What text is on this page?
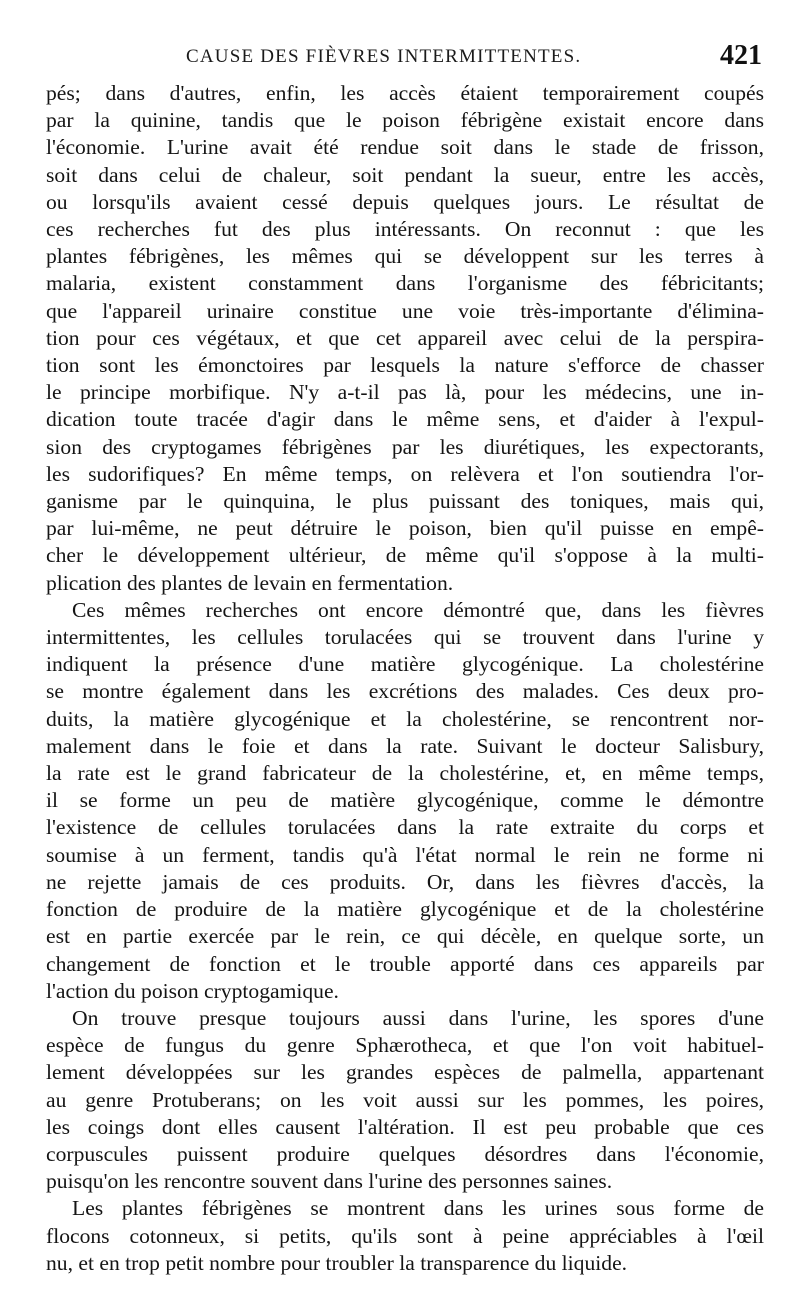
CAUSE DES FIÈVRES INTERMITTENTES.	421
pés; dans d'autres, enfin, les accès étaient temporairement coupés
par la quinine, tandis que le poison fébrigène existait encore dans
l'économie. L'urine avait été rendue soit dans le stade de frisson,
soit dans celui de chaleur, soit pendant la sueur, entre les accès,
ou lorsqu'ils avaient cessé depuis quelques jours. Le résultat de
ces recherches fut des plus intéressants. On reconnut : que les
plantes fébrigènes, les mêmes qui se développent sur les terres à
malaria, existent constamment dans l'organisme des fébricitants;
que l'appareil urinaire constitue une voie très-importante d'élimina-
tion pour ces végétaux, et que cet appareil avec celui de la perspira-
tion sont les émonctoires par lesquels la nature s'efforce de chasser
le principe morbifique. N'y a-t-il pas là, pour les médecins, une in-
dication toute tracée d'agir dans le même sens, et d'aider à l'expul-
sion des cryptogames fébrigènes par les diurétiques, les expectorants,
les sudorifiques? En même temps, on relèvera et l'on soutiendra l'or-
ganisme par le quinquina, le plus puissant des toniques, mais qui,
par lui-même, ne peut détruire le poison, bien qu'il puisse en empê-
cher le développement ultérieur, de même qu'il s'oppose à la multi-
plication des plantes de levain en fermentation.
Ces mêmes recherches ont encore démontré que, dans les fièvres
intermittentes, les cellules torulacées qui se trouvent dans l'urine y
indiquent la présence d'une matière glycogénique. La cholestérine
se montre également dans les excrétions des malades. Ces deux pro-
duits, la matière glycogénique et la cholestérine, se rencontrent nor-
malement dans le foie et dans la rate. Suivant le docteur Salisbury,
la rate est le grand fabricateur de la cholestérine, et, en même temps,
il se forme un peu de matière glycogénique, comme le démontre
l'existence de cellules torulacées dans la rate extraite du corps et
soumise à un ferment, tandis qu'à l'état normal le rein ne forme ni
ne rejette jamais de ces produits. Or, dans les fièvres d'accès, la
fonction de produire de la matière glycogénique et de la cholestérine
est en partie exercée par le rein, ce qui décèle, en quelque sorte, un
changement de fonction et le trouble apporté dans ces appareils par
l'action du poison cryptogamique.
On trouve presque toujours aussi dans l'urine, les spores d'une
espèce de fungus du genre Sphærotheca, et que l'on voit habituel-
lement développées sur les grandes espèces de palmella, appartenant
au genre Protuberans; on les voit aussi sur les pommes, les poires,
les coings dont elles causent l'altération. Il est peu probable que ces
corpuscules puissent produire quelques désordres dans l'économie,
puisqu'on les rencontre souvent dans l'urine des personnes saines.
Les plantes fébrigènes se montrent dans les urines sous forme de
flocons cotonneux, si petits, qu'ils sont à peine appréciables à l'œil
nu, et en trop petit nombre pour troubler la transparence du liquide.
